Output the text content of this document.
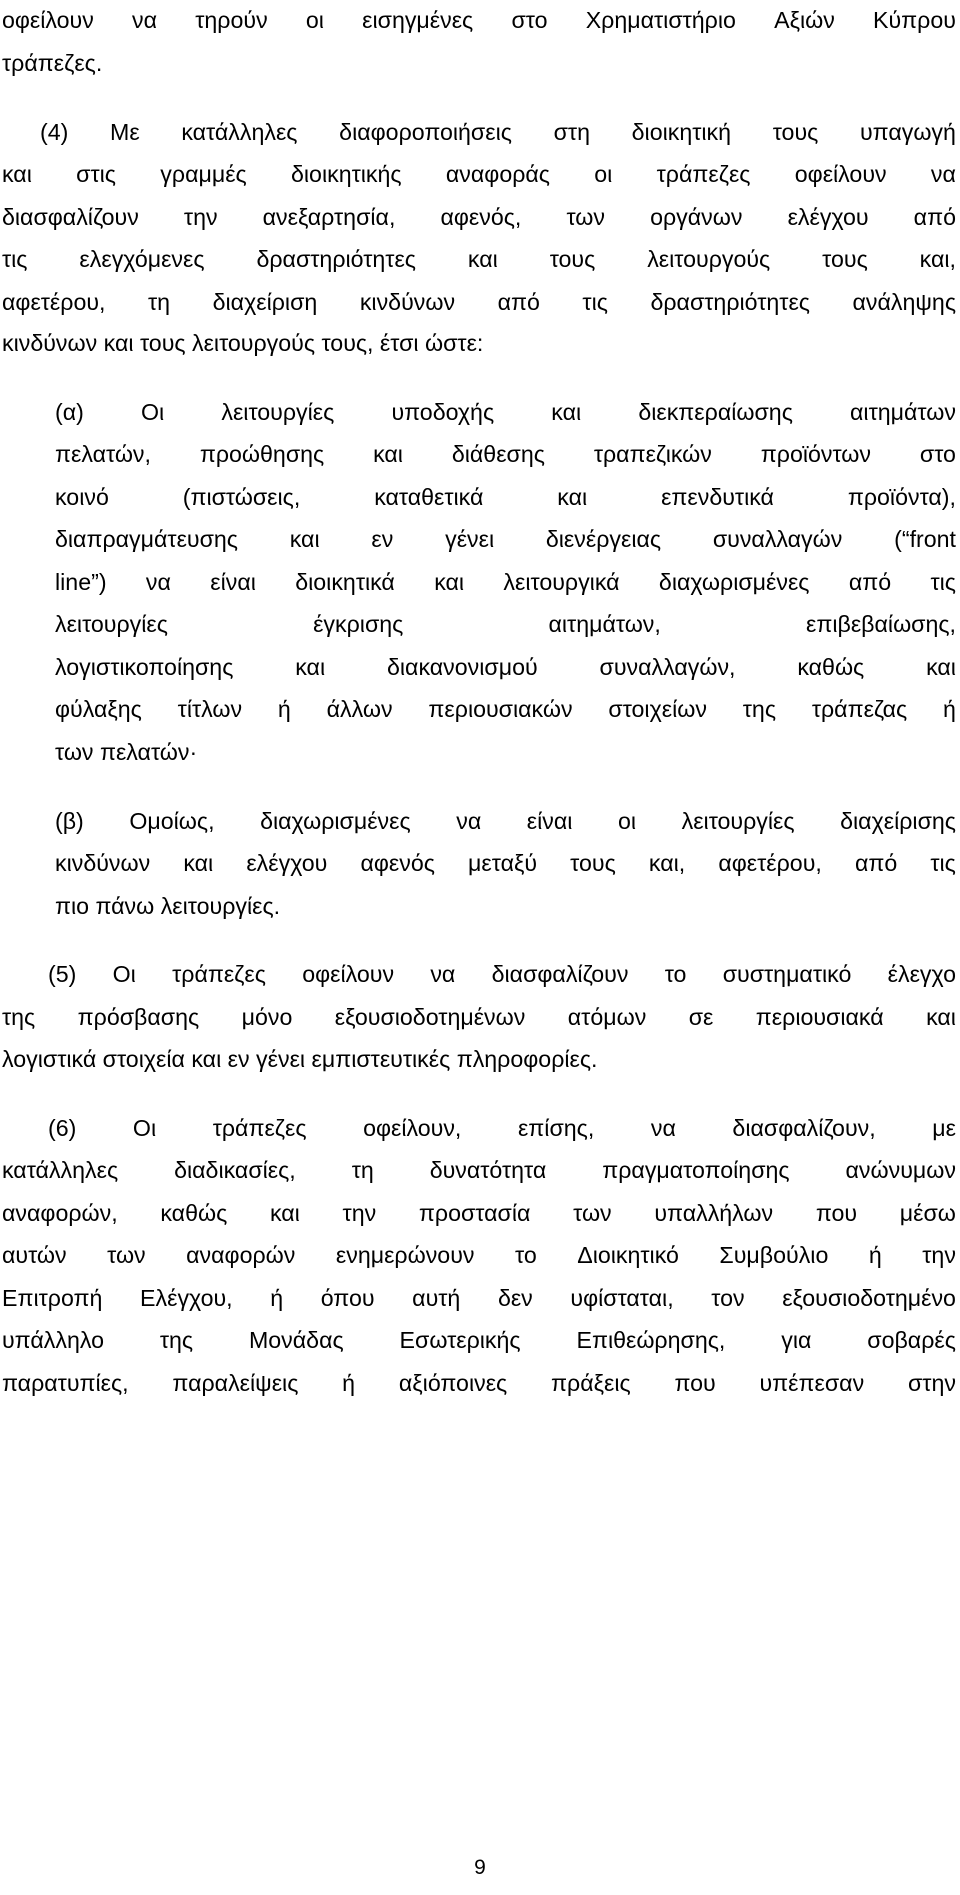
οφείλουν να τηρούν οι εισηγμένες στο Χρηματιστήριο Αξιών Κύπρου
τράπεζες.
(4) Με κατάλληλες διαφοροποιήσεις στη διοικητική τους υπαγωγή
και στις γραμμές διοικητικής αναφοράς οι τράπεζες οφείλουν να
διασφαλίζουν την ανεξαρτησία, αφενός, των οργάνων ελέγχου από
τις ελεγχόμενες δραστηριότητες και τους λειτουργούς τους και,
αφετέρου, τη διαχείριση κινδύνων από τις δραστηριότητες ανάληψης
κινδύνων και τους λειτουργούς τους, έτσι ώστε:
(α) Οι λειτουργίες υποδοχής και διεκπεραίωσης αιτημάτων
πελατών, προώθησης και διάθεσης τραπεζικών προϊόντων στο
κοινό	(πιστώσεις,	καταθετικά	και	επενδυτικά	προϊόντα),
διαπραγμάτευσης και εν γένει διενέργειας συναλλαγών (“front
line”) να είναι διοικητικά και λειτουργικά διαχωρισμένες από τις
λειτουργίες	έγκρισης	αιτημάτων,	επιβεβαίωσης,
λογιστικοποίησης	και	διακανονισμού	συναλλαγών,	καθώς	και
φύλαξης τίτλων ή άλλων περιουσιακών στοιχείων της τράπεζας ή
των πελατών·
(β) Ομοίως, διαχωρισμένες να είναι οι λειτουργίες διαχείρισης
κινδύνων και ελέγχου αφενός μεταξύ τους και, αφετέρου, από τις
πιο πάνω λειτουργίες.
(5) Οι τράπεζες οφείλουν να διασφαλίζουν το συστηματικό έλεγχο
της πρόσβασης μόνο εξουσιοδοτημένων ατόμων σε περιουσιακά και
λογιστικά στοιχεία και εν γένει εμπιστευτικές πληροφορίες.
(6) Οι τράπεζες οφείλουν, επίσης, να διασφαλίζουν, με
κατάλληλες διαδικασίες, τη δυνατότητα πραγματοποίησης ανώνυμων
αναφορών, καθώς και την προστασία των υπαλλήλων που μέσω
αυτών των αναφορών ενημερώνουν το Διοικητικό Συμβούλιο ή την
Επιτροπή Ελέγχου, ή όπου αυτή δεν υφίσταται, τον εξουσιοδοτημένο
υπάλληλο της Μονάδας Εσωτερικής Επιθεώρησης, για σοβαρές
παρατυπίες, παραλείψεις ή αξιόποινες πράξεις που υπέπεσαν στην
9
